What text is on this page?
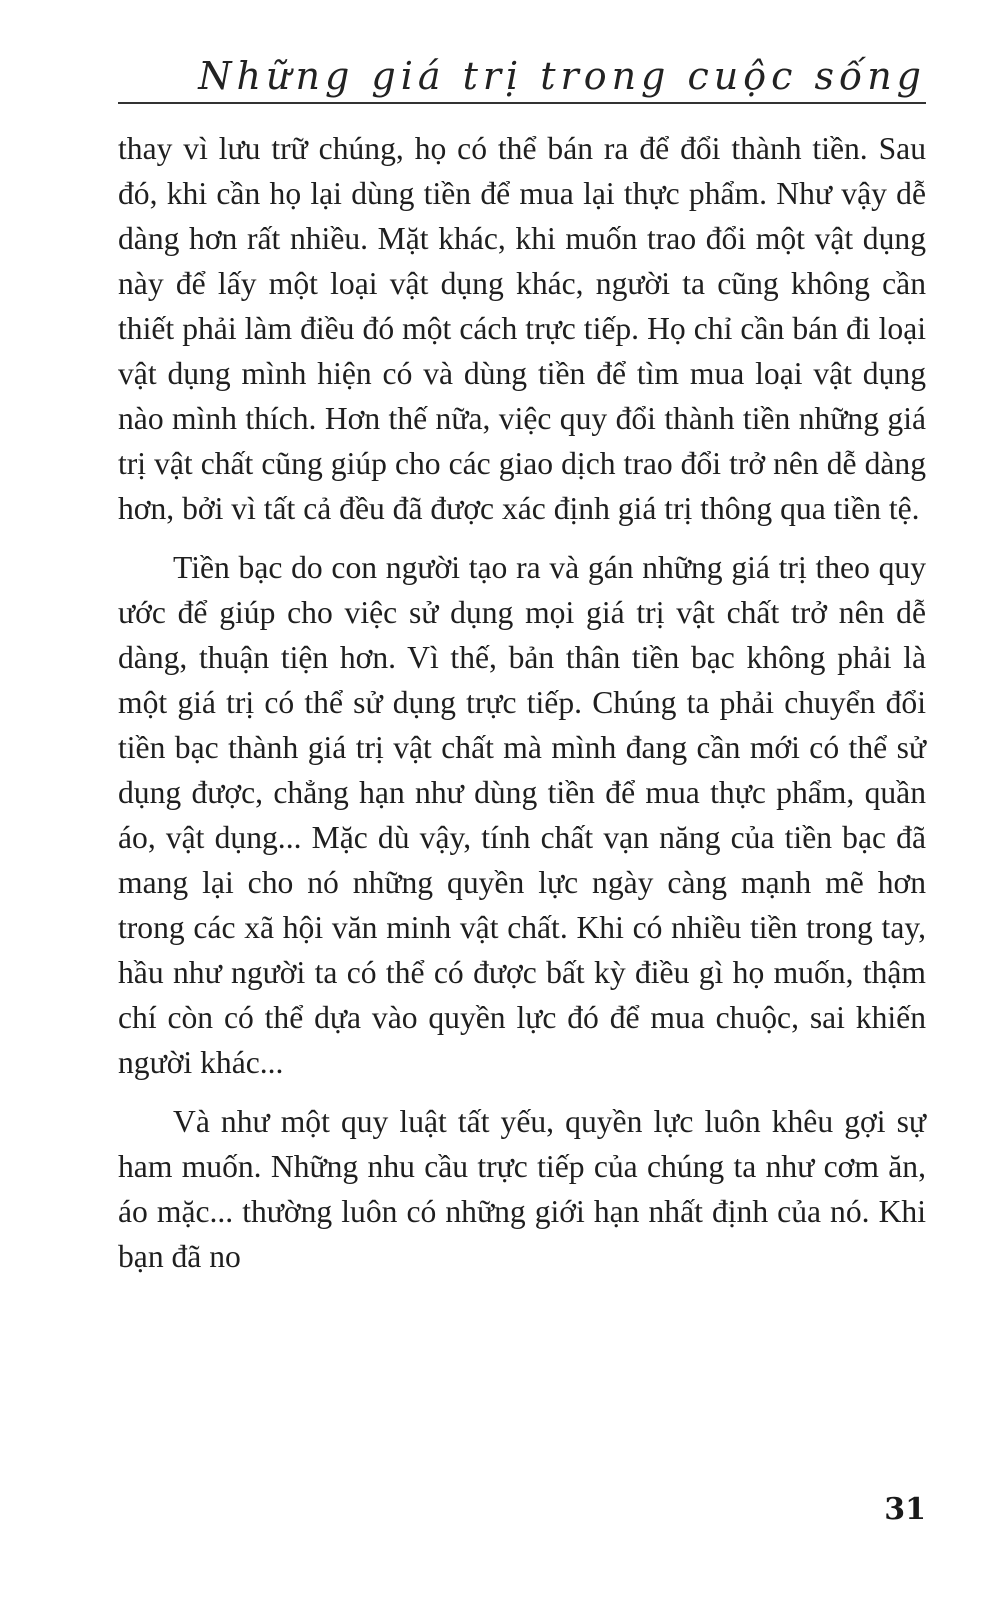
Những giá trị trong cuộc sống

thay vì lưu trữ chúng, họ có thể bán ra để đổi thành tiền. Sau đó, khi cần họ lại dùng tiền để mua lại thực phẩm. Như vậy dễ dàng hơn rất nhiều. Mặt khác, khi muốn trao đổi một vật dụng này để lấy một loại vật dụng khác, người ta cũng không cần thiết phải làm điều đó một cách trực tiếp. Họ chỉ cần bán đi loại vật dụng mình hiện có và dùng tiền để tìm mua loại vật dụng nào mình thích. Hơn thế nữa, việc quy đổi thành tiền những giá trị vật chất cũng giúp cho các giao dịch trao đổi trở nên dễ dàng hơn, bởi vì tất cả đều đã được xác định giá trị thông qua tiền tệ.

Tiền bạc do con người tạo ra và gán những giá trị theo quy ước để giúp cho việc sử dụng mọi giá trị vật chất trở nên dễ dàng, thuận tiện hơn. Vì thế, bản thân tiền bạc không phải là một giá trị có thể sử dụng trực tiếp. Chúng ta phải chuyển đổi tiền bạc thành giá trị vật chất mà mình đang cần mới có thể sử dụng được, chẳng hạn như dùng tiền để mua thực phẩm, quần áo, vật dụng... Mặc dù vậy, tính chất vạn năng của tiền bạc đã mang lại cho nó những quyền lực ngày càng mạnh mẽ hơn trong các xã hội văn minh vật chất. Khi có nhiều tiền trong tay, hầu như người ta có thể có được bất kỳ điều gì họ muốn, thậm chí còn có thể dựa vào quyền lực đó để mua chuộc, sai khiến người khác...

Và như một quy luật tất yếu, quyền lực luôn khêu gợi sự ham muốn. Những nhu cầu trực tiếp của chúng ta như cơm ăn, áo mặc... thường luôn có những giới hạn nhất định của nó. Khi bạn đã no

31
